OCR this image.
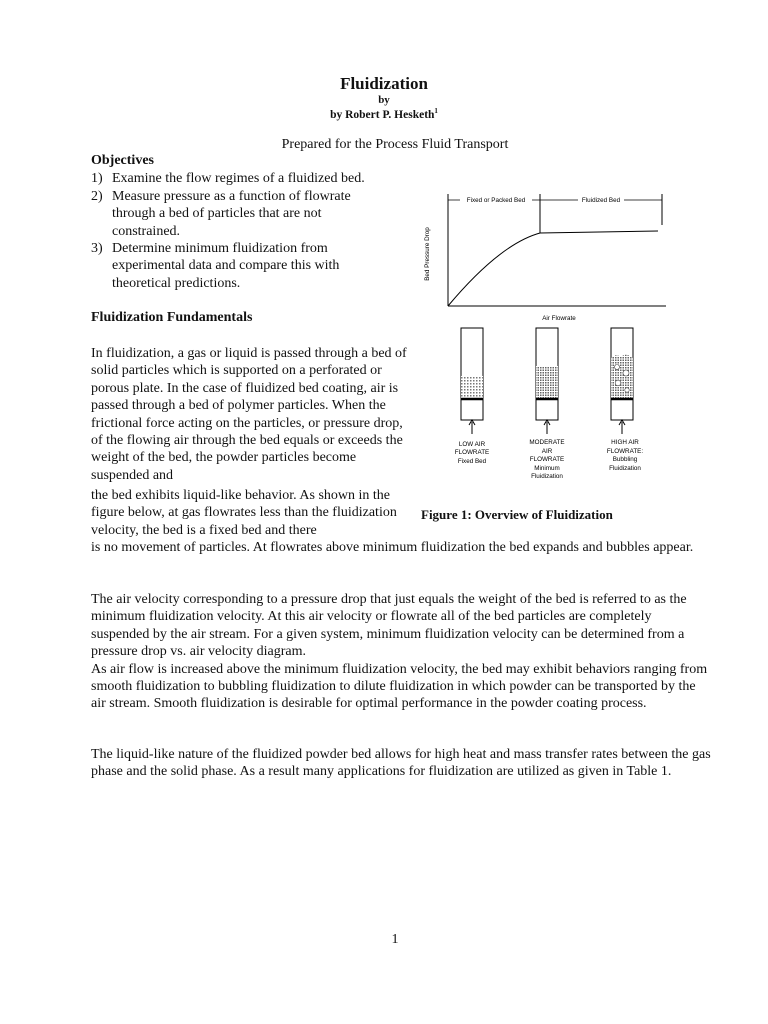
Fluidization
by
by Robert P. Hesketh$^1$
Prepared for the Process Fluid Transport
Objectives
1) Examine the flow regimes of a fluidized bed.
2) Measure pressure as a function of flowrate through a bed of particles that are not constrained.
3) Determine minimum fluidization from experimental data and compare this with theoretical predictions.
Fluidization Fundamentals
In fluidization, a gas or liquid is passed through a bed of solid particles which is supported on a perforated or porous plate. In the case of fluidized bed coating, air is passed through a bed of polymer particles. When the frictional force acting on the particles, or pressure drop, of the flowing air through the bed equals or exceeds the weight of the bed, the powder particles become suspended and
the bed exhibits liquid-like behavior. As shown in the figure below, at gas flowrates less than the fluidization velocity, the bed is a fixed bed and there
is no movement of particles. At flowrates above minimum fluidization the bed expands and bubbles appear.
The air velocity corresponding to a pressure drop that just equals the weight of the bed is referred to as the minimum fluidization velocity. At this air velocity or flowrate all of the bed particles are completely suspended by the air stream. For a given system, minimum fluidization velocity can be determined from a pressure drop vs. air velocity diagram.
As air flow is increased above the minimum fluidization velocity, the bed may exhibit behaviors ranging from smooth fluidization to bubbling fluidization to dilute fluidization in which powder can be transported by the air stream. Smooth fluidization is desirable for optimal performance in the powder coating process.
The liquid-like nature of the fluidized powder bed allows for high heat and mass transfer rates between the gas phase and the solid phase. As a result many applications for fluidization are utilized as given in Table 1.
Figure 1: Overview of Fluidization
Fixed or Packed Bed	Fluidized Bed
Bed Pressure Drop
Air Flowrate
LOW AIR
FLOWRATE
Fixed Bed
MODERATE
AIR
FLOWRATE
Minimum
Fluidization
HIGH AIR
FLOWRATE:
Bubbling
Fluidization
1
